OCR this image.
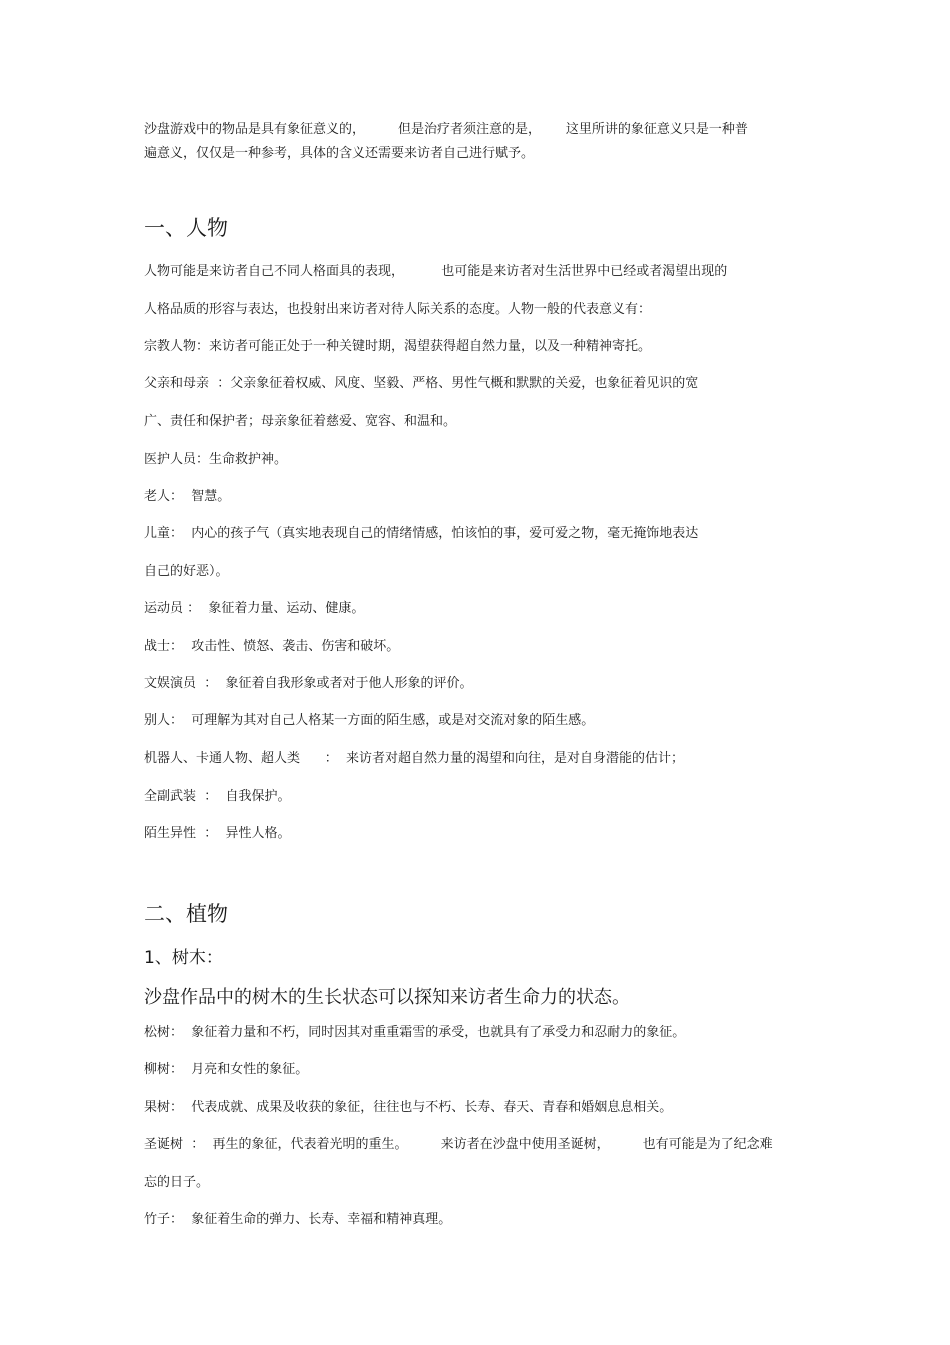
沙盘游戏中的物品是具有象征意义的，        但是治疗者须注意的是，      这里所讲的象征意义只是一种普
遍意义，仅仅是一种参考，具体的含义还需要来访者自己进行赋予。
一、人物
人物可能是来访者自己不同人格面具的表现，         也可能是来访者对生活世界中已经或者渴望出现的
人格品质的形容与表达，也投射出来访者对待人际关系的态度。人物一般的代表意义有：
宗教人物：来访者可能正处于一种关键时期，渴望获得超自然力量，以及一种精神寄托。
父亲和母亲  ：父亲象征着权威、风度、坚毅、严格、男性气概和默默的关爱，也象征着见识的宽
广、责任和保护者；母亲象征着慈爱、宽容、和温和。
医护人员：生命救护神。
老人：  智慧。
儿童：  内心的孩子气（真实地表现自己的情绪情感，怕该怕的事，爱可爱之物，毫无掩饰地表达
自己的好恶）。
运动员 ：  象征着力量、运动、健康。
战士：  攻击性、愤怒、袭击、伤害和破坏。
文娱演员  ：  象征着自我形象或者对于他人形象的评价。
别人：  可理解为其对自己人格某一方面的陌生感，或是对交流对象的陌生感。
机器人、卡通人物、超人类      ：  来访者对超自然力量的渴望和向往，是对自身潜能的估计；
全副武装  ：  自我保护。
陌生异性  ：  异性人格。
二、植物
1、树木：
沙盘作品中的树木的生长状态可以探知来访者生命力的状态。
松树：  象征着力量和不朽，同时因其对重重霜雪的承受，也就具有了承受力和忍耐力的象征。
柳树：  月亮和女性的象征。
果树：  代表成就、成果及收获的象征，往往也与不朽、长寿、春天、青春和婚姻息息相关。
圣诞树  ：  再生的象征，代表着光明的重生。        来访者在沙盘中使用圣诞树，        也有可能是为了纪念难
忘的日子。
竹子：  象征着生命的弹力、长寿、幸福和精神真理。
